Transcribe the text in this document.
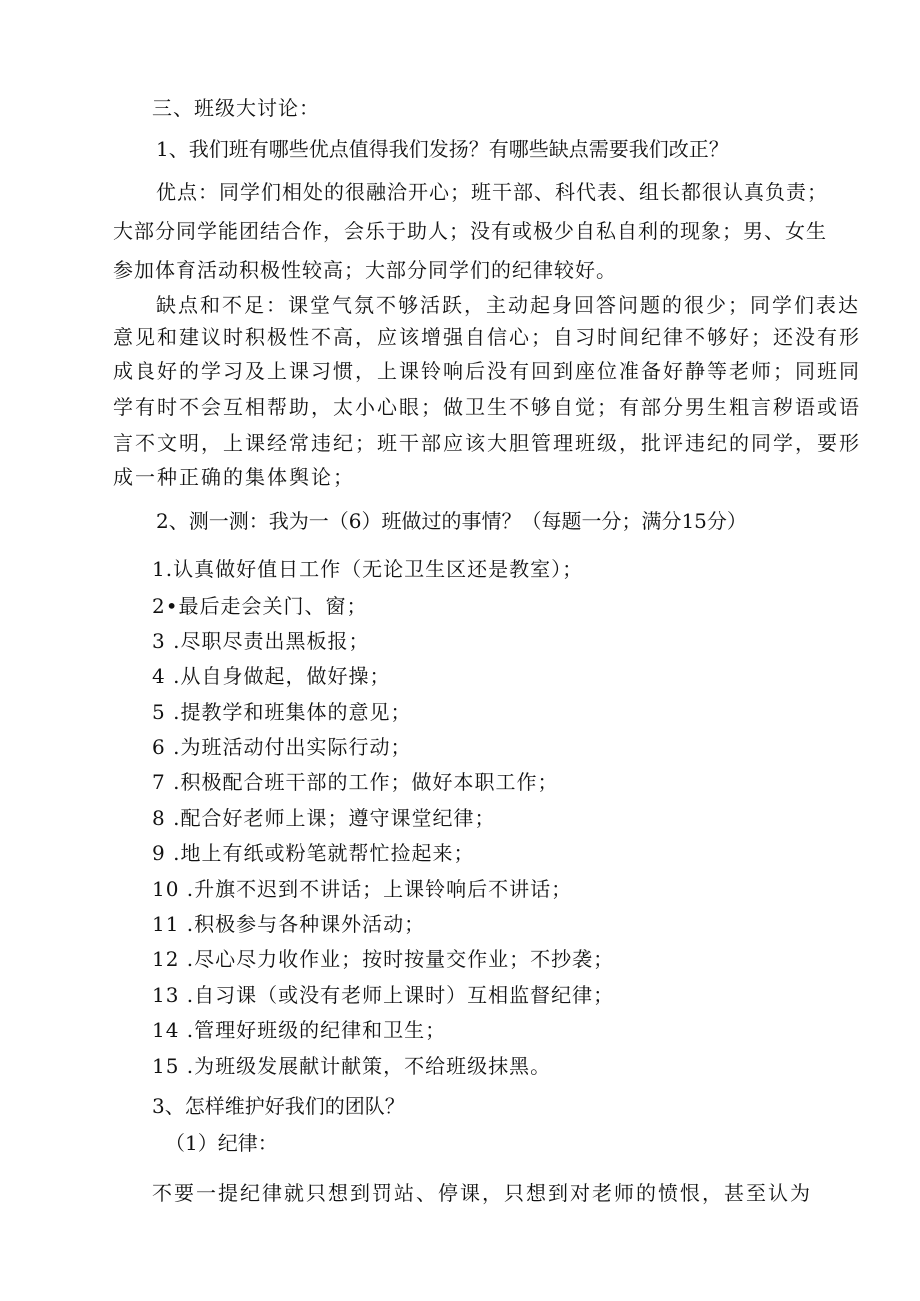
三、班级大讨论：
1、我们班有哪些优点值得我们发扬？有哪些缺点需要我们改正？
优点：同学们相处的很融洽开心；班干部、科代表、组长都很认真负责；
大部分同学能团结合作，会乐于助人；没有或极少自私自利的现象；男、女生
参加体育活动积极性较高；大部分同学们的纪律较好。
缺点和不足：课堂气氛不够活跃，主动起身回答问题的很少；同学们表达
意见和建议时积极性不高，应该增强自信心；自习时间纪律不够好；还没有形
成良好的学习及上课习惯，上课铃响后没有回到座位准备好静等老师；同班同
学有时不会互相帮助，太小心眼；做卫生不够自觉；有部分男生粗言秽语或语
言不文明，上课经常违纪；班干部应该大胆管理班级，批评违纪的同学，要形
成一种正确的集体舆论；
2、测一测：我为一（6）班做过的事情？（每题一分；满分15分）
1.认真做好值日工作（无论卫生区还是教室）；
2•最后走会关门、窗；
3 .尽职尽责出黑板报；
4 .从自身做起，做好操；
5 .提教学和班集体的意见；
6 .为班活动付出实际行动；
7 .积极配合班干部的工作；做好本职工作；
8 .配合好老师上课；遵守课堂纪律；
9 .地上有纸或粉笔就帮忙捡起来；
10 .升旗不迟到不讲话；上课铃响后不讲话；
11 .积极参与各种课外活动；
12 .尽心尽力收作业；按时按量交作业；不抄袭；
13 .自习课（或没有老师上课时）互相监督纪律；
14 .管理好班级的纪律和卫生；
15 .为班级发展献计献策，不给班级抹黑。
3、怎样维护好我们的团队？
（1）纪律：
不要一提纪律就只想到罚站、停课，只想到对老师的愤恨，甚至认为
